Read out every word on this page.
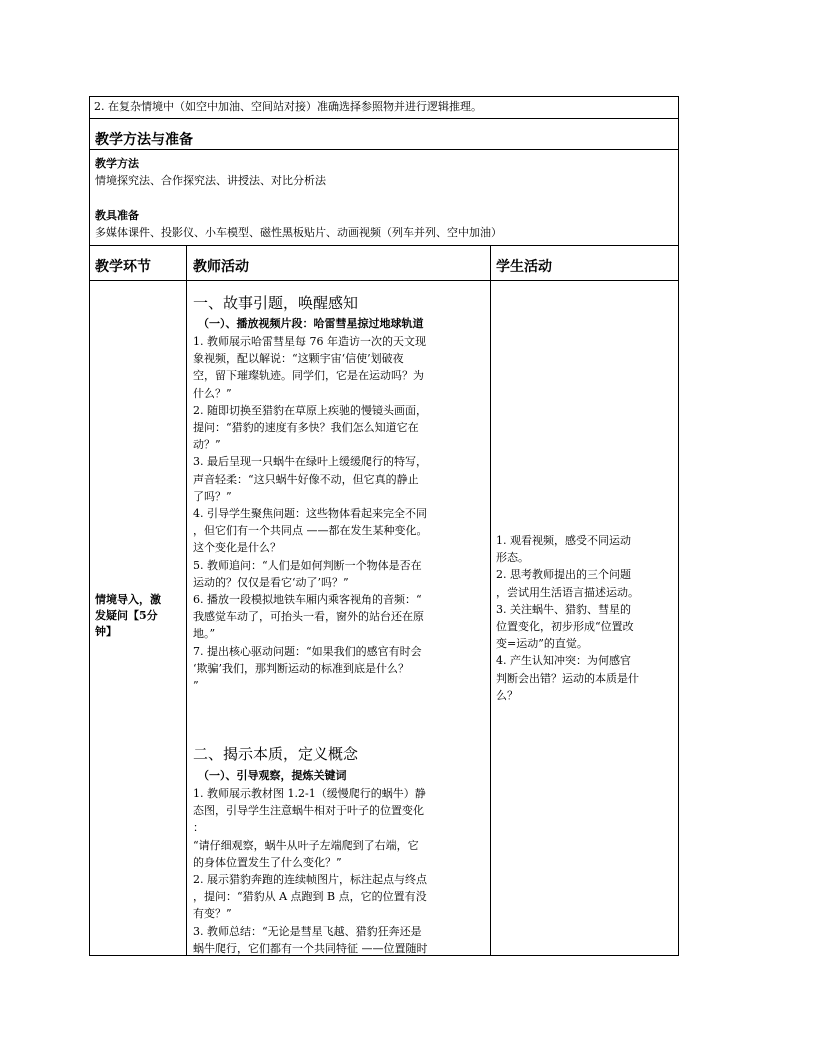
2. 在复杂情境中（如空中加油、空间站对接）准确选择参照物并进行逻辑推理。
教学方法与准备
教学方法
情境探究法、合作探究法、讲授法、对比分析法
教具准备
多媒体课件、投影仪、小车模型、磁性黑板贴片、动画视频（列车并列、空中加油）
教学环节	教师活动	学生活动
情境导入，激
发疑问【5分
钟】
一、故事引题，唤醒感知
（一）、播放视频片段：哈雷彗星掠过地球轨道
1. 教师展示哈雷彗星每 76 年造访一次的天文现
象视频，配以解说：“这颗宇宙‘信使’划破夜
空，留下璀璨轨迹。同学们，它是在运动吗？为
什么？”
2. 随即切换至猎豹在草原上疾驰的慢镜头画面，
提问：“猎豹的速度有多快？我们怎么知道它在
动？”
3. 最后呈现一只蜗牛在绿叶上缓缓爬行的特写，
声音轻柔：“这只蜗牛好像不动，但它真的静止
了吗？”
4. 引导学生聚焦问题：这些物体看起来完全不同
，但它们有一个共同点 ——都在发生某种变化。
这个变化是什么？
5. 教师追问：“人们是如何判断一个物体是否在
运动的？仅仅是看它‘动了’吗？”
6. 播放一段模拟地铁车厢内乘客视角的音频：“
我感觉车动了，可抬头一看，窗外的站台还在原
地。”
7. 提出核心驱动问题：“如果我们的感官有时会
‘欺骗’我们，那判断运动的标准到底是什么？
”
二、揭示本质，定义概念
（一）、引导观察，提炼关键词
1. 教师展示教材图 1.2-1（缓慢爬行的蜗牛）静
态图，引导学生注意蜗牛相对于叶子的位置变化
：
“请仔细观察，蜗牛从叶子左端爬到了右端，它
的身体位置发生了什么变化？”
2. 展示猎豹奔跑的连续帧图片，标注起点与终点
，提问：“猎豹从 A 点跑到 B 点，它的位置有没
有变？”
3. 教师总结：“无论是彗星飞越、猎豹狂奔还是
蜗牛爬行，它们都有一个共同特征 ——位置随时
1. 观看视频，感受不同运动
形态。
2. 思考教师提出的三个问题
，尝试用生活语言描述运动。
3. 关注蜗牛、猎豹、彗星的
位置变化，初步形成“位置改
变=运动”的直觉。
4. 产生认知冲突：为何感官
判断会出错？运动的本质是什
么？
